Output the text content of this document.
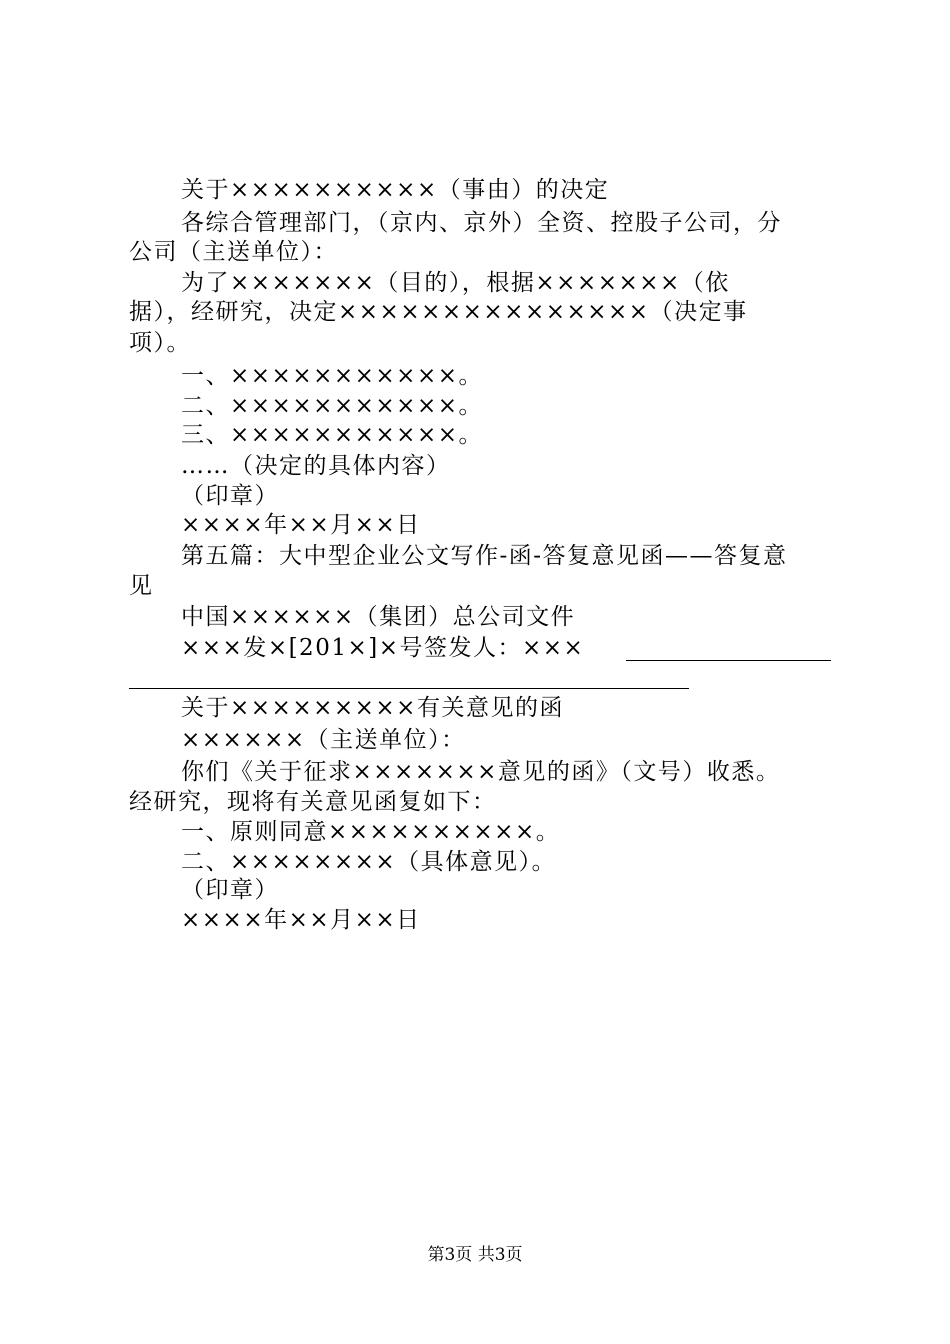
关于××××××××××（事由）的决定
各综合管理部门，（京内、京外）全资、控股子公司，分
公司（主送单位）：
为了×××××××（目的），根据×××××××（依
据），经研究，决定×××××××××××××××（决定事
项）。
一、×××××××××××。
二、×××××××××××。
三、×××××××××××。
……（决定的具体内容）
（印章）
××××年××月××日
第五篇：大中型企业公文写作-函-答复意见函——答复意
见
中国××××××（集团）总公司文件
×××发×[201×]×号签发人：×××
关于×××××××××有关意见的函
××××××（主送单位）：
你们《关于征求×××××××意见的函》（文号）收悉。
经研究，现将有关意见函复如下：
一、原则同意××××××××××。
二、××××××××（具体意见）。
（印章）
××××年××月××日
第3页 共3页
